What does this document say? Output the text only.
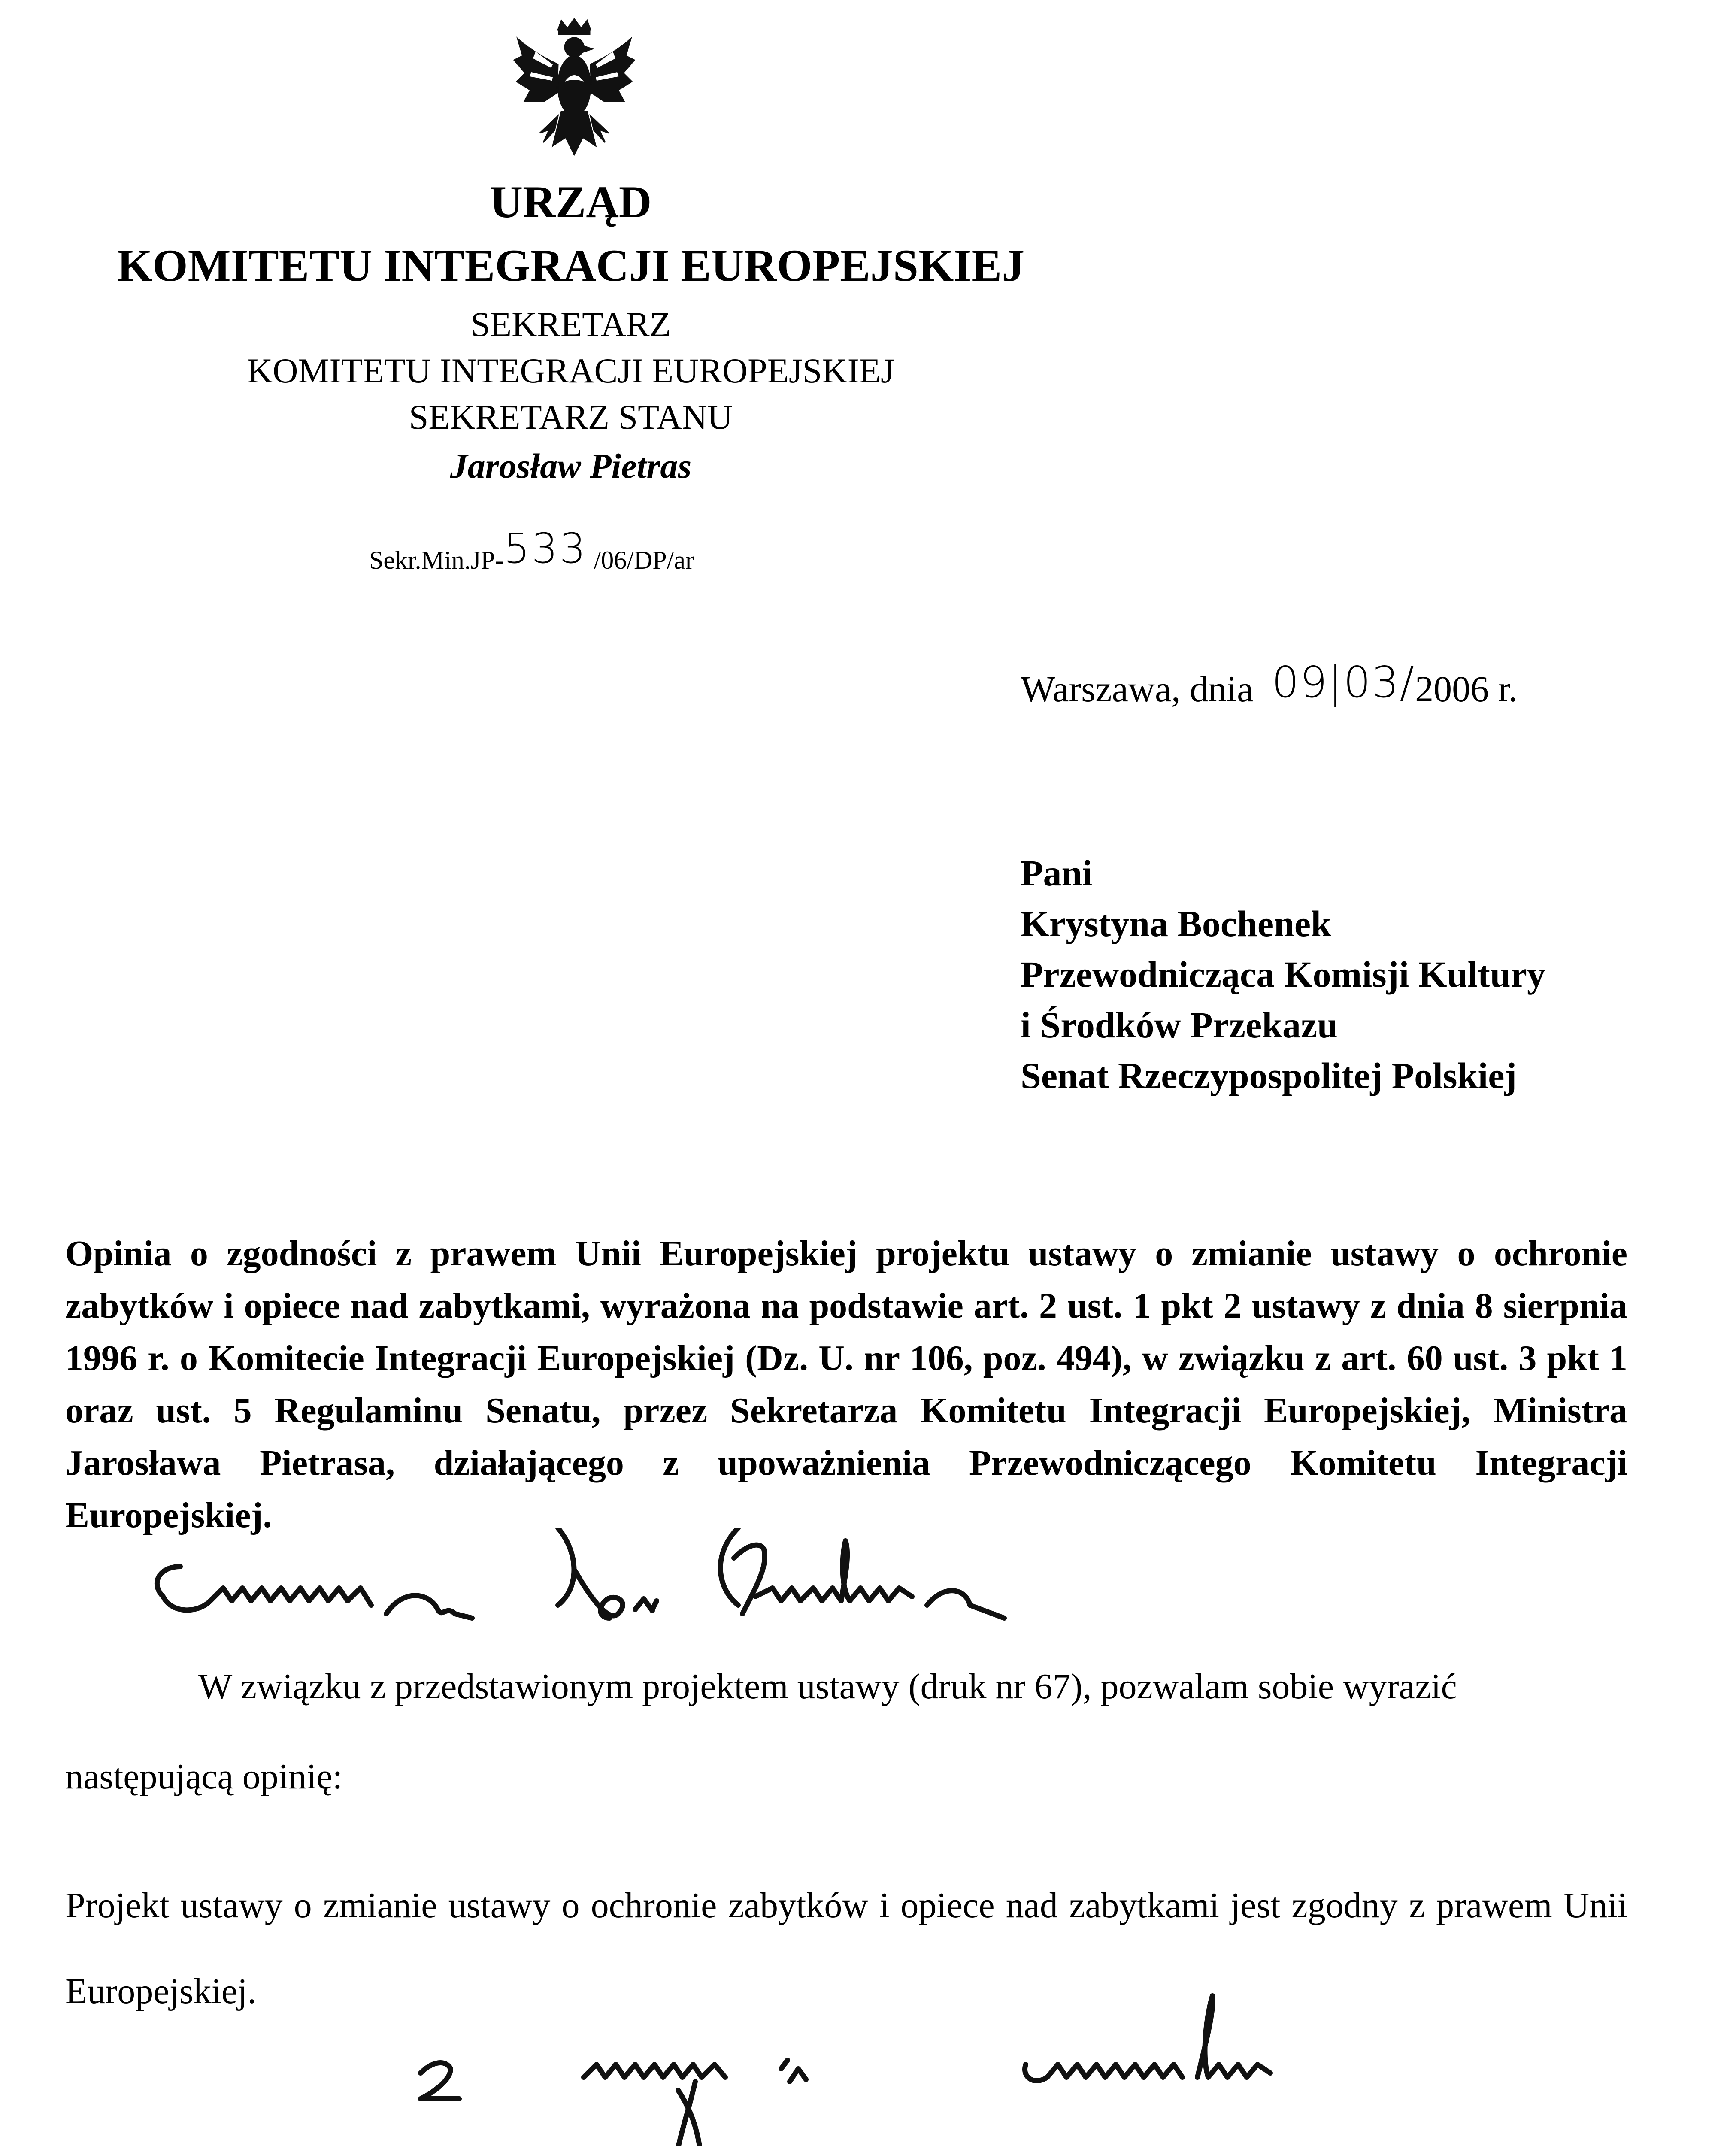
URZĄD
KOMITETU INTEGRACJI EUROPEJSKIEJ
SEKRETARZ
KOMITETU INTEGRACJI EUROPEJSKIEJ
SEKRETARZ STANU
Jarosław Pietras
Sekr.Min.JP-533 /06/DP/ar
Warszawa, dnia 09|03/2006 r.
Pani
Krystyna Bochenek
Przewodnicząca Komisji Kultury
i Środków Przekazu
Senat Rzeczypospolitej Polskiej
Opinia o zgodności z prawem Unii Europejskiej projektu ustawy o zmianie ustawy o ochronie zabytków i opiece nad zabytkami, wyrażona na podstawie art. 2 ust. 1 pkt 2 ustawy z dnia 8 sierpnia 1996 r. o Komitecie Integracji Europejskiej (Dz. U. nr 106, poz. 494), w związku z art. 60 ust. 3 pkt 1 oraz ust. 5 Regulaminu Senatu, przez Sekretarza Komitetu Integracji Europejskiej, Ministra Jarosława Pietrasa, działającego z upoważnienia Przewodniczącego Komitetu Integracji Europejskiej.
W związku z przedstawionym projektem ustawy (druk nr 67), pozwalam sobie wyrazić
następującą opinię:
Projekt ustawy o zmianie ustawy o ochronie zabytków i opiece nad zabytkami jest zgodny z prawem Unii Europejskiej.
